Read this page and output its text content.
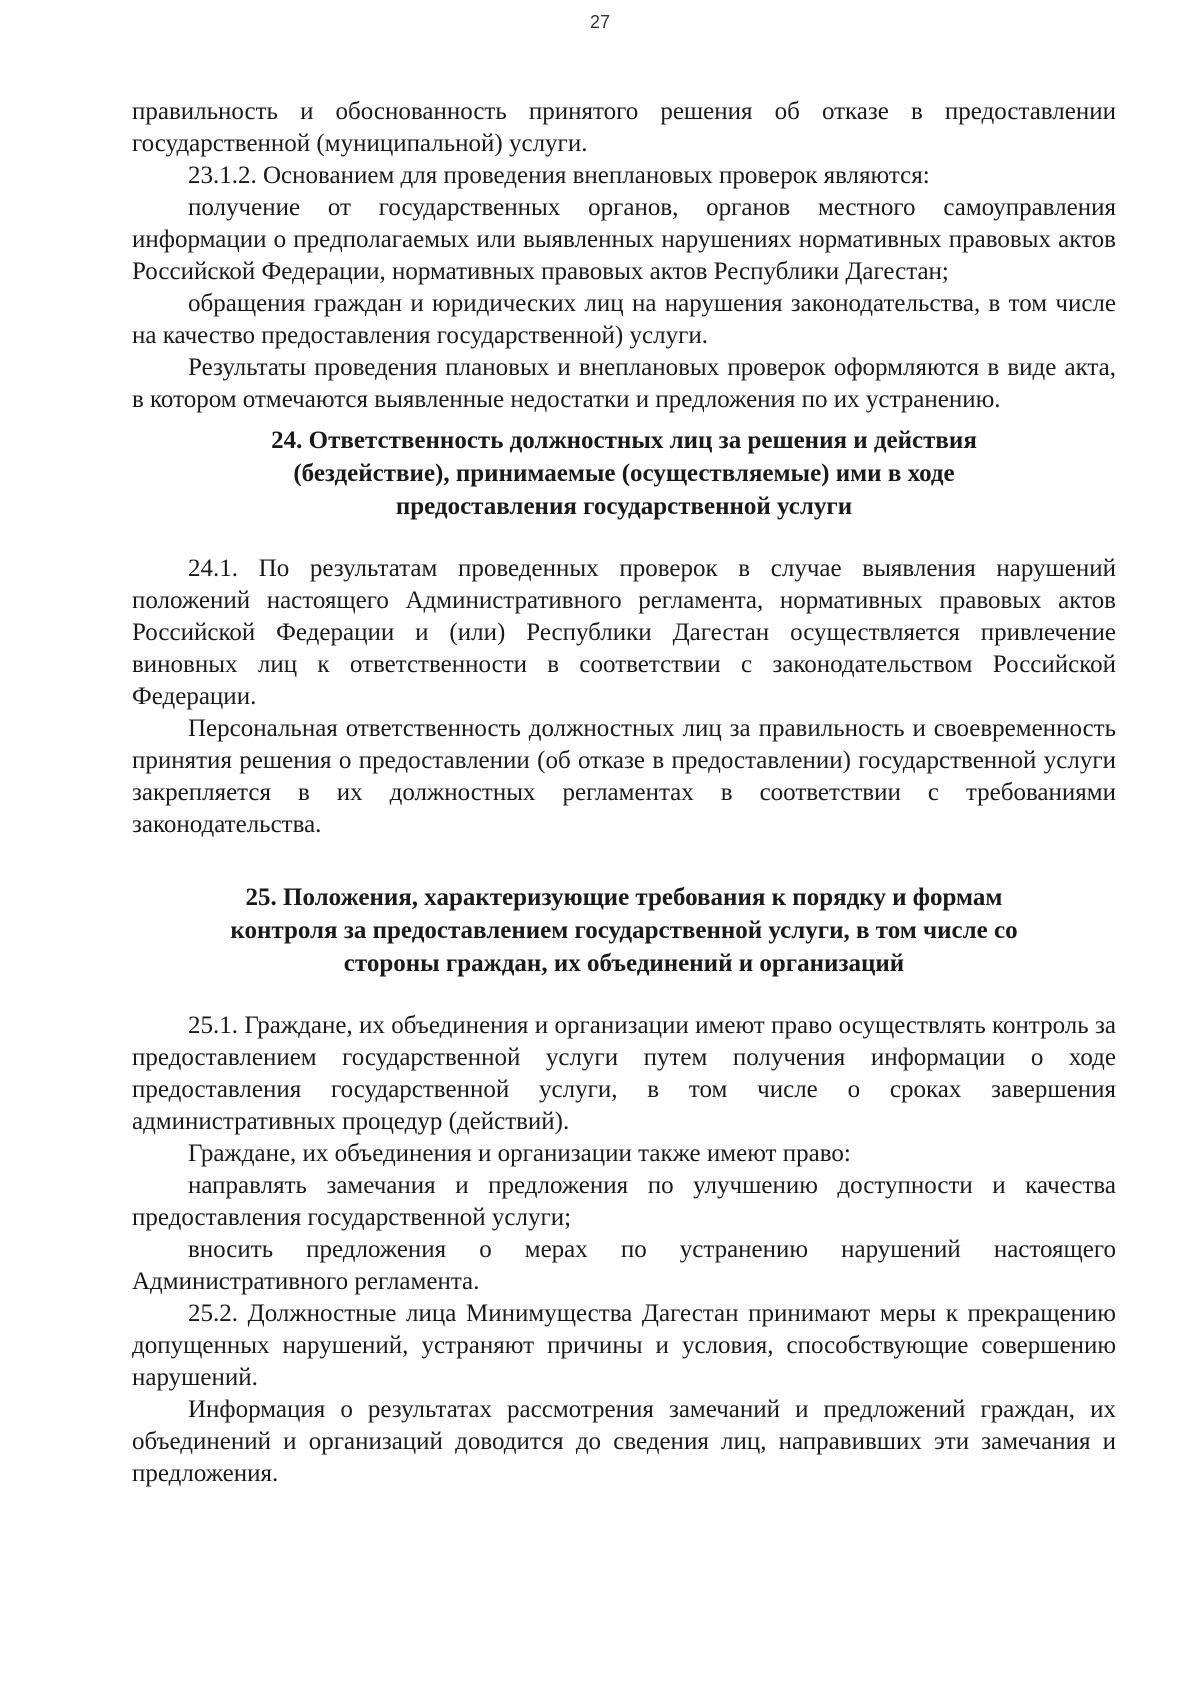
27

правильность и обоснованность принятого решения об отказе в предоставлении государственной (муниципальной) услуги.

23.1.2. Основанием для проведения внеплановых проверок являются:

получение от государственных органов, органов местного самоуправления информации о предполагаемых или выявленных нарушениях нормативных правовых актов Российской Федерации, нормативных правовых актов Республики Дагестан;

обращения граждан и юридических лиц на нарушения законодательства, в том числе на качество предоставления государственной) услуги.

Результаты проведения плановых и внеплановых проверок оформляются в виде акта, в котором отмечаются выявленные недостатки и предложения по их устранению.

24. Ответственность должностных лиц за решения и действия
(бездействие), принимаемые (осуществляемые) ими в ходе
предоставления государственной услуги

24.1. По результатам проведенных проверок в случае выявления нарушений положений настоящего Административного регламента, нормативных правовых актов Российской Федерации и (или) Республики Дагестан осуществляется привлечение виновных лиц к ответственности в соответствии с законодательством Российской Федерации.

Персональная ответственность должностных лиц за правильность и своевременность принятия решения о предоставлении (об отказе в предоставлении) государственной услуги закрепляется в их должностных регламентах в соответствии с требованиями законодательства.

25. Положения, характеризующие требования к порядку и формам
контроля за предоставлением государственной услуги, в том числе со
стороны граждан, их объединений и организаций

25.1. Граждане, их объединения и организации имеют право осуществлять контроль за предоставлением государственной услуги путем получения информации о ходе предоставления государственной услуги, в том числе о сроках завершения административных процедур (действий).

Граждане, их объединения и организации также имеют право:

направлять замечания и предложения по улучшению доступности и качества предоставления государственной услуги;

вносить предложения о мерах по устранению нарушений настоящего Административного регламента.

25.2. Должностные лица Минимущества Дагестан принимают меры к прекращению допущенных нарушений, устраняют причины и условия, способствующие совершению нарушений.

Информация о результатах рассмотрения замечаний и предложений граждан, их объединений и организаций доводится до сведения лиц, направивших эти замечания и предложения.
